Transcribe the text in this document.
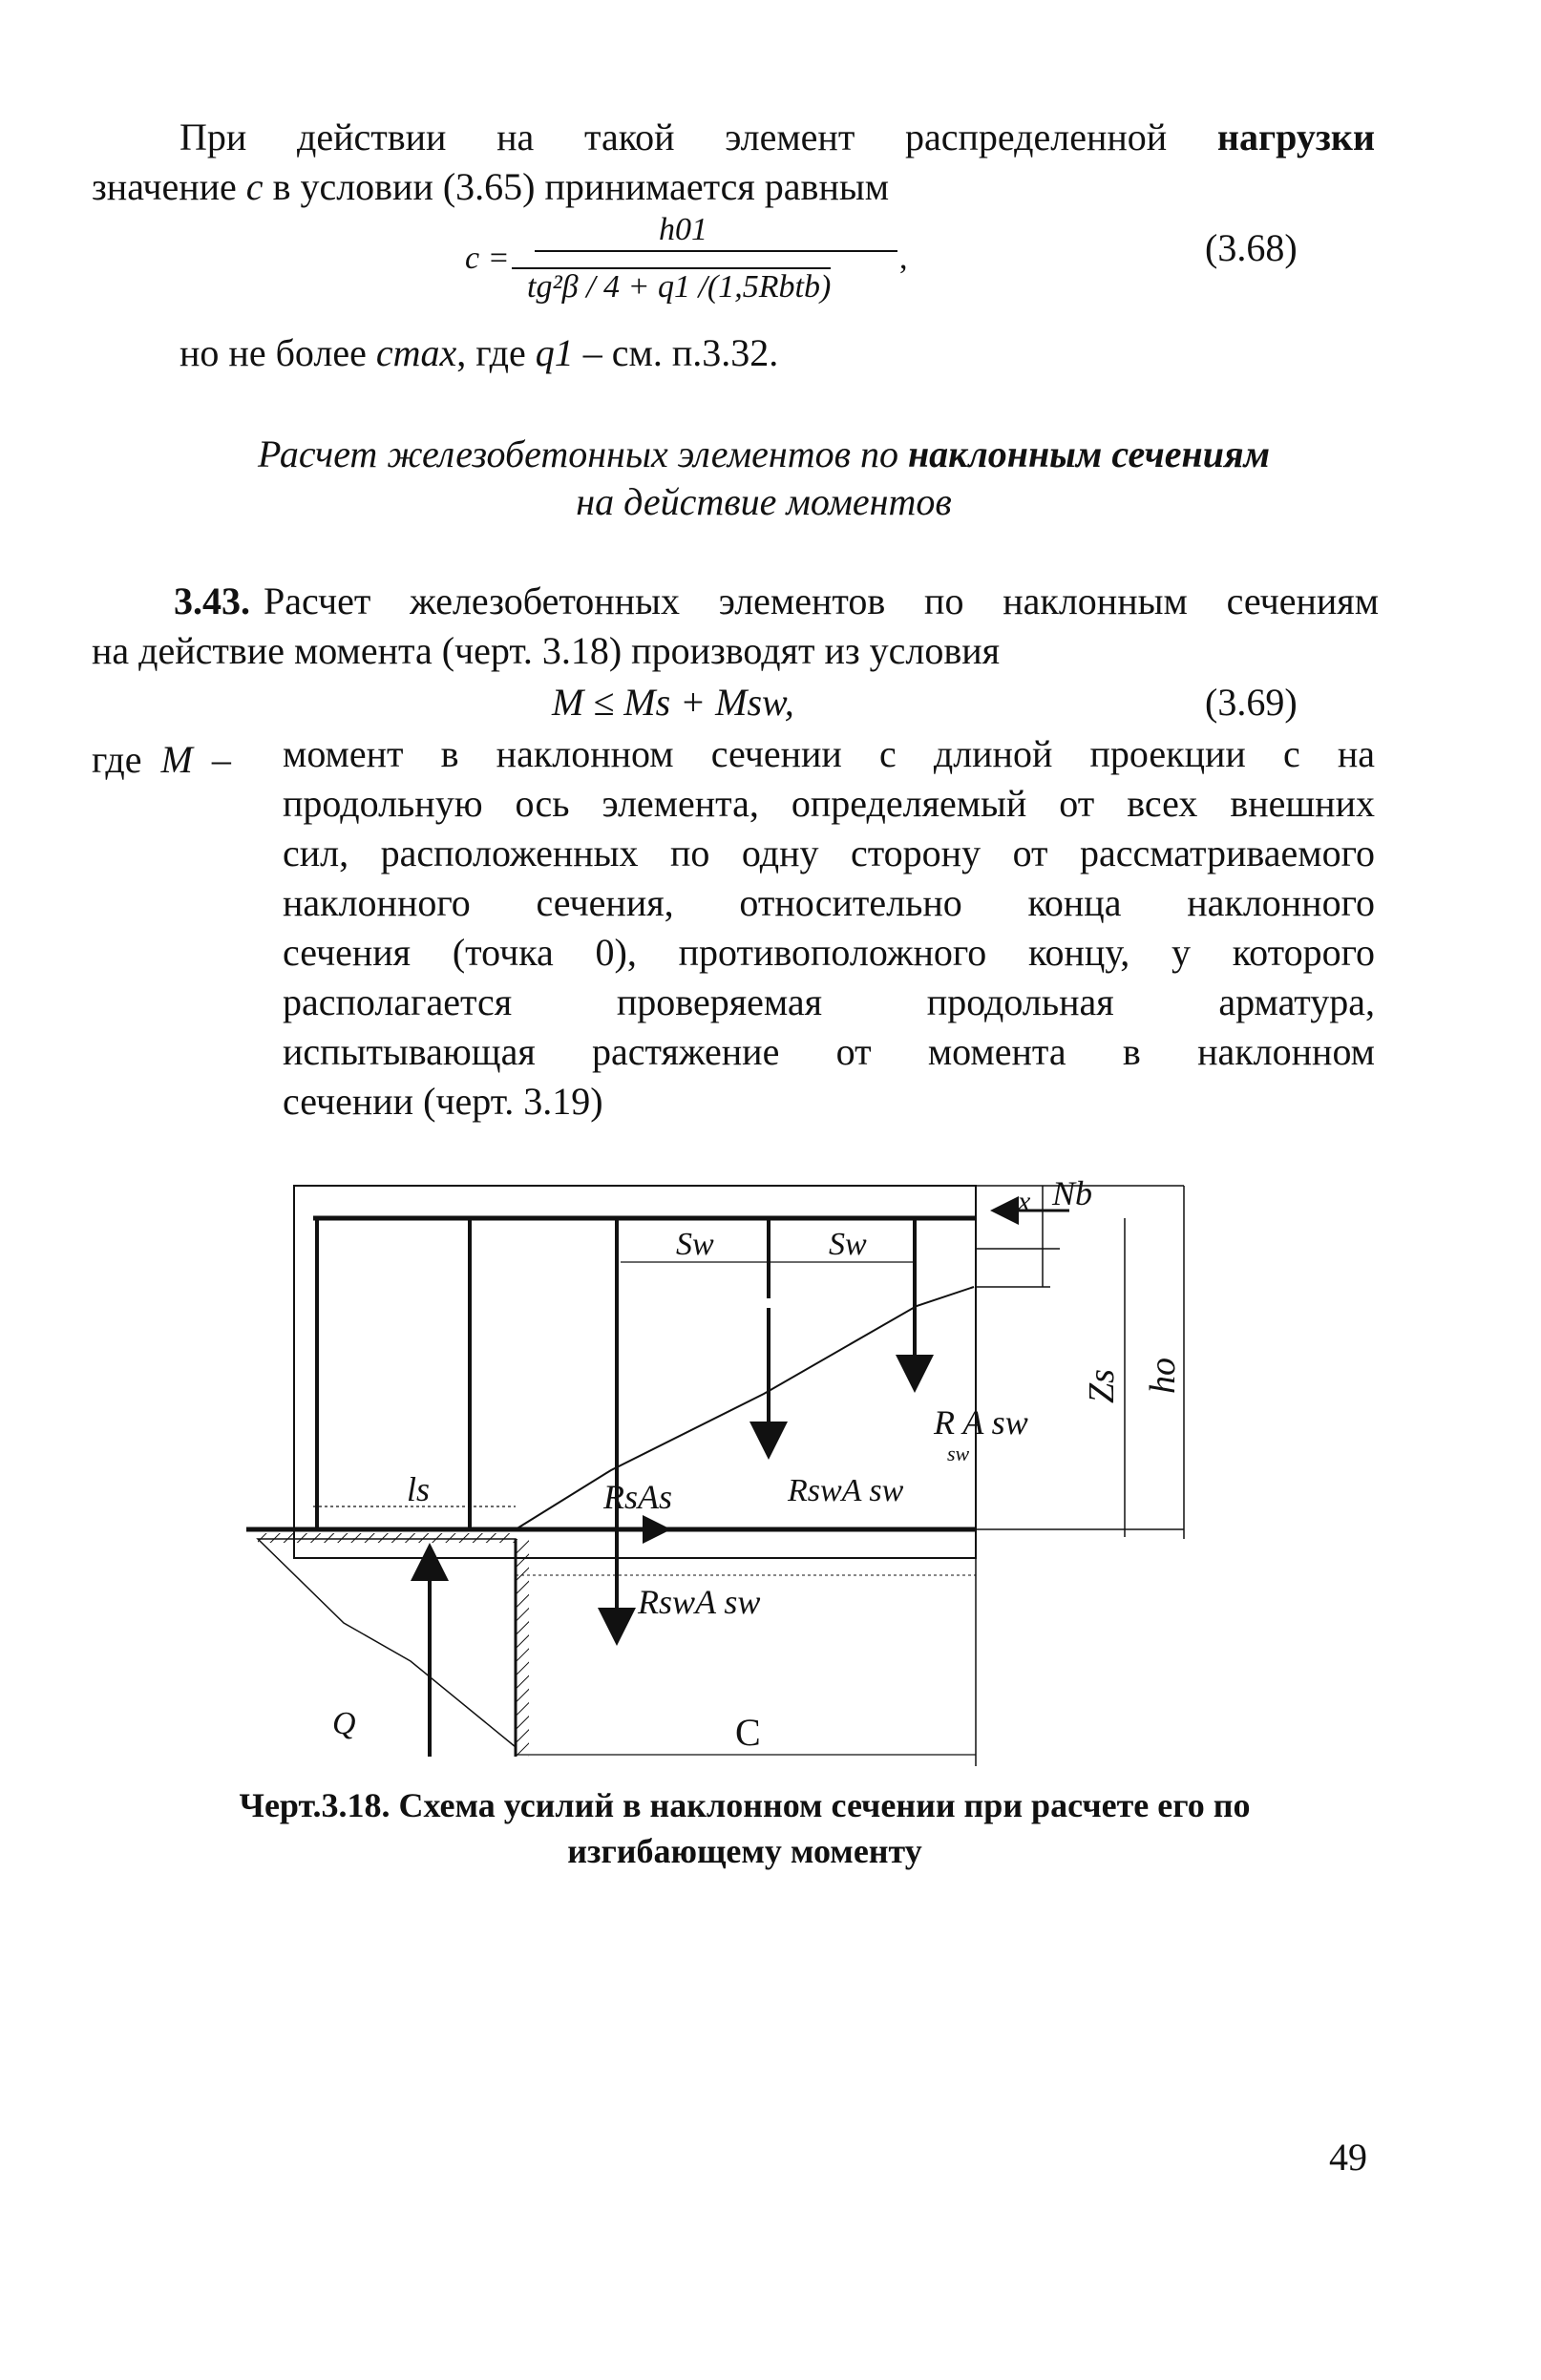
При действии на такой элемент распределенной нагрузки
значение c в условии (3.65) принимается равным
c =
h01
tg²β / 4 + q1 /(1,5Rbtb)
,	(3.68)
но не более cmax, где q1 – см. п.3.32.
Расчет железобетонных элементов по наклонным сечениям
на действие моментов
3.43. Расчет железобетонных элементов по наклонным сечениям
на действие момента (черт. 3.18) производят из условия
M ≤ Ms + Msw,	(3.69)
где M – момент в наклонном сечении с длиной проекции c на
продольную ось элемента, определяемый от всех внешних
сил, расположенных по одну сторону от рассматриваемого
наклонного сечения, относительно конца наклонного
сечения (точка 0), противоположного концу, у которого
располагается проверяемая продольная арматура,
испытывающая растяжение от момента в наклонном
сечении (черт. 3.19)
Sw	Sw
x Nb
Zs ho
ls	RsAs	RswA sw
R A sw
sw
RswA sw
Q	C
Черт.3.18. Схема усилий в наклонном сечении при расчете его по
изгибающему моменту
49
